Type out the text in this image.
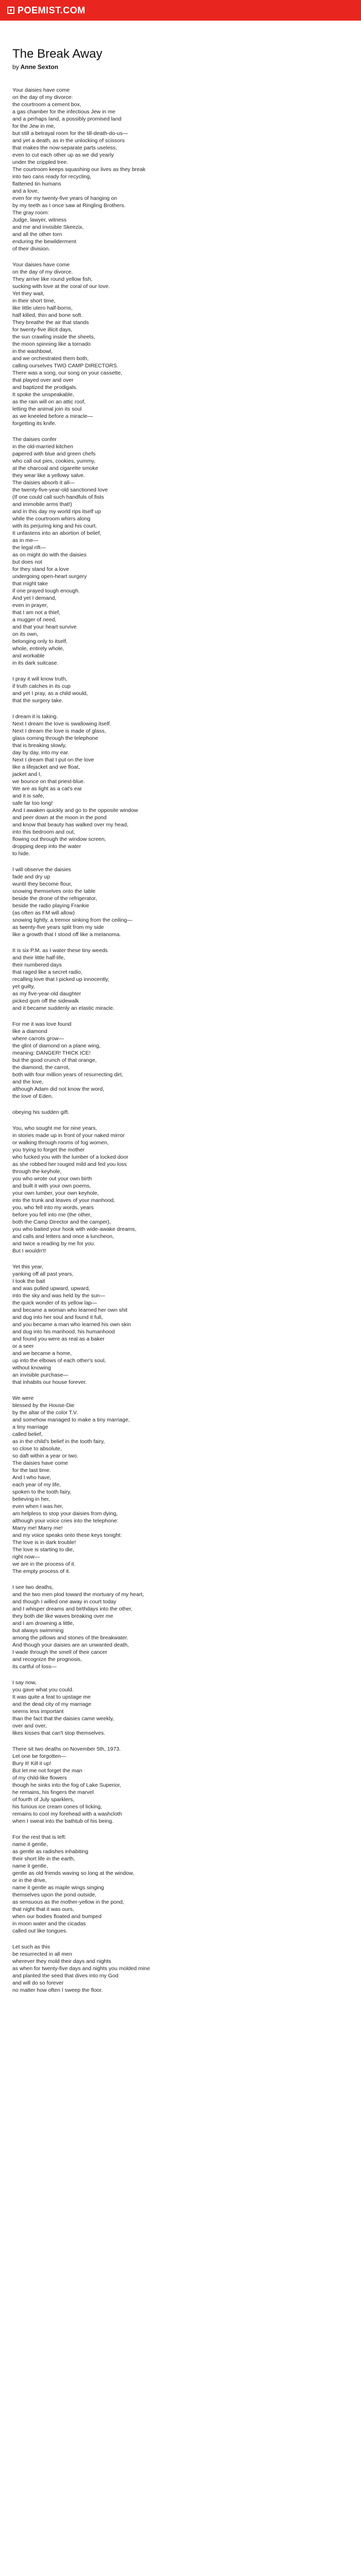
POEMIST.COM
The Break Away
by Anne Sexton
Your daisies have come
on the day of my divorce:
the courtroom a cement box,
a gas chamber for the infectious Jew in me
and a perhaps land, a possibly promised land
for the Jew in me,
but still a betrayal room for the till-death-do-us—
and yet a death, as in the unlocking of scissors
that makes the now-separate parts useless,
even to cut each other up as we did yearly
under the crippled tree.
The courtroom keeps squashing our lives as they break
into two cans ready for recycling,
flattened tin humans
and a love,
even for my twenty-five years of hanging on
by my teeth as I once saw at Ringling Brothers.
The gray room:
Judge, lawyer, witness
and me and invisible Skeezix,
and all the other torn
enduring the bewilderment
of their division.
Your daisies have come
on the day of my divorce.
They arrive like round yellow fish,
sucking with love at the coral of our love.
Yet they wait,
in their short time,
like little utero half-borns,
half killed, thin and bone soft.
They breathe the air that stands
for twenty-five illicit days,
the sun crawling inside the sheets,
the moon spinning like a tornado
in the washbowl,
and we orchestrated them both,
calling ourselves TWO CAMP DIRECTORS.
There was a song, our song on your cassette,
that played over and over
and baptized the prodigals.
It spoke the unspeakable,
as the rain will on an attic roof,
letting the animal join its soul
as we kneeled before a miracle—
forgetting its knife.
The daisies confer
in the old-married kitchen
papered with blue and green chefs
who call out pies, cookies, yummy,
at the charcoal and cigarette smoke
they wear like a yellowy salve.
The daisies absorb it all—
the twenty-five-year-old sanctioned love
(If one could call such handfuls of fists
and immobile arms that!)
and in this day my world rips itself up
while the courtroom whirrs along
with its perjuring king and his court.
It unfastens into an abortion of belief,
as in me—
the legal rift—
as on might do with the daisies
but does not
for they stand for a love
undergoing open-heart surgery
that might take
if one prayed tough enough.
And yet I demand,
even in prayer,
that I am not a thief,
a mugger of need,
and that your heart survive
on its own,
belonging only to itself,
whole, entirely whole,
and workable
in its dark suitcase.
I pray it will know truth,
if truth catches in its cup
and yet I pray, as a child would,
that the surgery take.
I dream it is taking.
Next I dream the love is swallowing itself.
Next I dream the love is made of glass,
glass coming through the telephone
that is breaking slowly,
day by day, into my ear.
Next I dream that I put on the love
like a lifejacket and we float,
jacket and I,
we bounce on that priest-blue.
We are as light as a cat's ear
and it is safe,
safe far too long!
And I awaken quickly and go to the opposite window
and peer down at the moon in the pond
and know that beauty has walked over my head,
into this bedroom and out,
flowing out through the window screen,
dropping deep into the water
to hide.
I will observe the daisies
fade and dry up
wuntil they become flour,
snowing themselves onto the table
beside the drone of the refrigerator,
beside the radio playing Frankie
(as often as FM will allow)
snowing lightly, a tremor sinking from the ceiling—
as twenty-five years split from my side
like a growth that I stood off like a melanoma.
It is six P.M. as I water these tiny weeds
and their little half-life,
their numbered days
that raged like a secret radio,
recalling love that I picked up innocently,
yet guilty,
as my five-year-old daughter
picked gum off the sidewalk
and it became suddenly an elastic miracle.
For me it was love found
like a diamond
where carrots grow—
the glint of diamond on a plane wing,
meaning: DANGER! THICK ICE!
but the good crunch of that orange,
the diamond, the carrot,
both with four million years of resurrecting dirt,
and the love,
although Adam did not know the word,
the love of Eden.
obeying his sudden gift.
You, who sought me for nine years,
in stories made up in front of your naked mirror
or walking through rooms of fog women,
you trying to forget the mother
who fucked you with the lumber of a locked door
as she robbed her rouged mild and fed you loss
through the keyhole,
you who wrote out your own birth
and built it with your own poems,
your own lumber, your own keyhole,
into the trunk and leaves of your manhood,
you, who fell into my words, years
before you fell into me (the other,
both the Camp Director and the camper),
you who baited your hook with wide-awake dreams,
and calls and letters and once a luncheon,
and twice a reading by me for you.
But I wouldn't!
Yet this year,
yanking off all past years,
I took the bait
and was pulled upward, upward,
into the sky and was held by the sun—
the quick wonder of its yellow lap—
and became a woman who learned her own shit
and dug into her soul and found it full,
and you became a man who learned his own skin
and dug into his manhood, his humanhood
and found you were as real as a baker
or a seer
and we became a home,
up into the elbows of each other's soul,
without knowing
an invisible purchase—
that inhabits our house forever.
We were
blessed by the House-Die
by the altar of the color T.V.
and somehow managed to make a tiny marriage,
a tiny marriage
called belief,
as in the child's belief in the tooth fairy,
so close to absolute,
so daft within a year or two.
The daisies have come
for the last time.
And I who have,
each year of my life,
spoken to the tooth fairy,
believing in her,
even when I was her,
am helpless to stop your daisies from dying,
although your voice cries into the telephone:
Marry me! Marry me!
and my voice speaks onto these keys tonight:
The love is in dark trouble!
The love is starting to die,
right now—
we are in the process of it.
The empty process of it.
I see two deaths,
and the two men plod toward the mortuary of my heart,
and though I willed one away in court today
and I whisper dreams and birthdays into the other,
they both die like waves breaking over me
and I am drowning a little,
but always swimming
among the pillows and stones of the breakwater.
And though your daisies are an unwanted death,
I wade through the smell of their cancer
and recognize the prognosis,
its cartful of loss—
I say now,
you gave what you could.
It was quite a feat to upstage me
and the dead city of my marriage
seems less important
than the fact that the daisies came weekly,
over and over,
likes kisses that can't stop themselves.
There sit two deaths on November 5th, 1973.
Let one be forgotten—
Bury it! Kill it up!
But let me not forget the man
of my child-like flowers
though he sinks into the fog of Lake Superior,
he remains, his fingers the marvel
of fourth of July sparklers,
his furious ice cream cones of licking,
remains to cool my forehead with a washcloth
when I sweat into the bathtub of his being.
For the rest that is left:
name it gentle,
as gentle as radishes inhabiting
their short life in the earth,
name it gentle,
gentle as old friends waving so long at the window,
or in the drive,
name it gentle as maple wings singing
themselves upon the pond outside,
as sensuous as the mother-yellow in the pond,
that night that it was ours,
when our bodies floated and bumped
in moon water and the cicadas
called out like tongues.
Let such as this
be resurrected in all men
wherever they mold their days and nights
as when for twenty-five days and nights you molded mine
and planted the seed that dives into my God
and will do so forever
no matter how often I sweep the floor.
